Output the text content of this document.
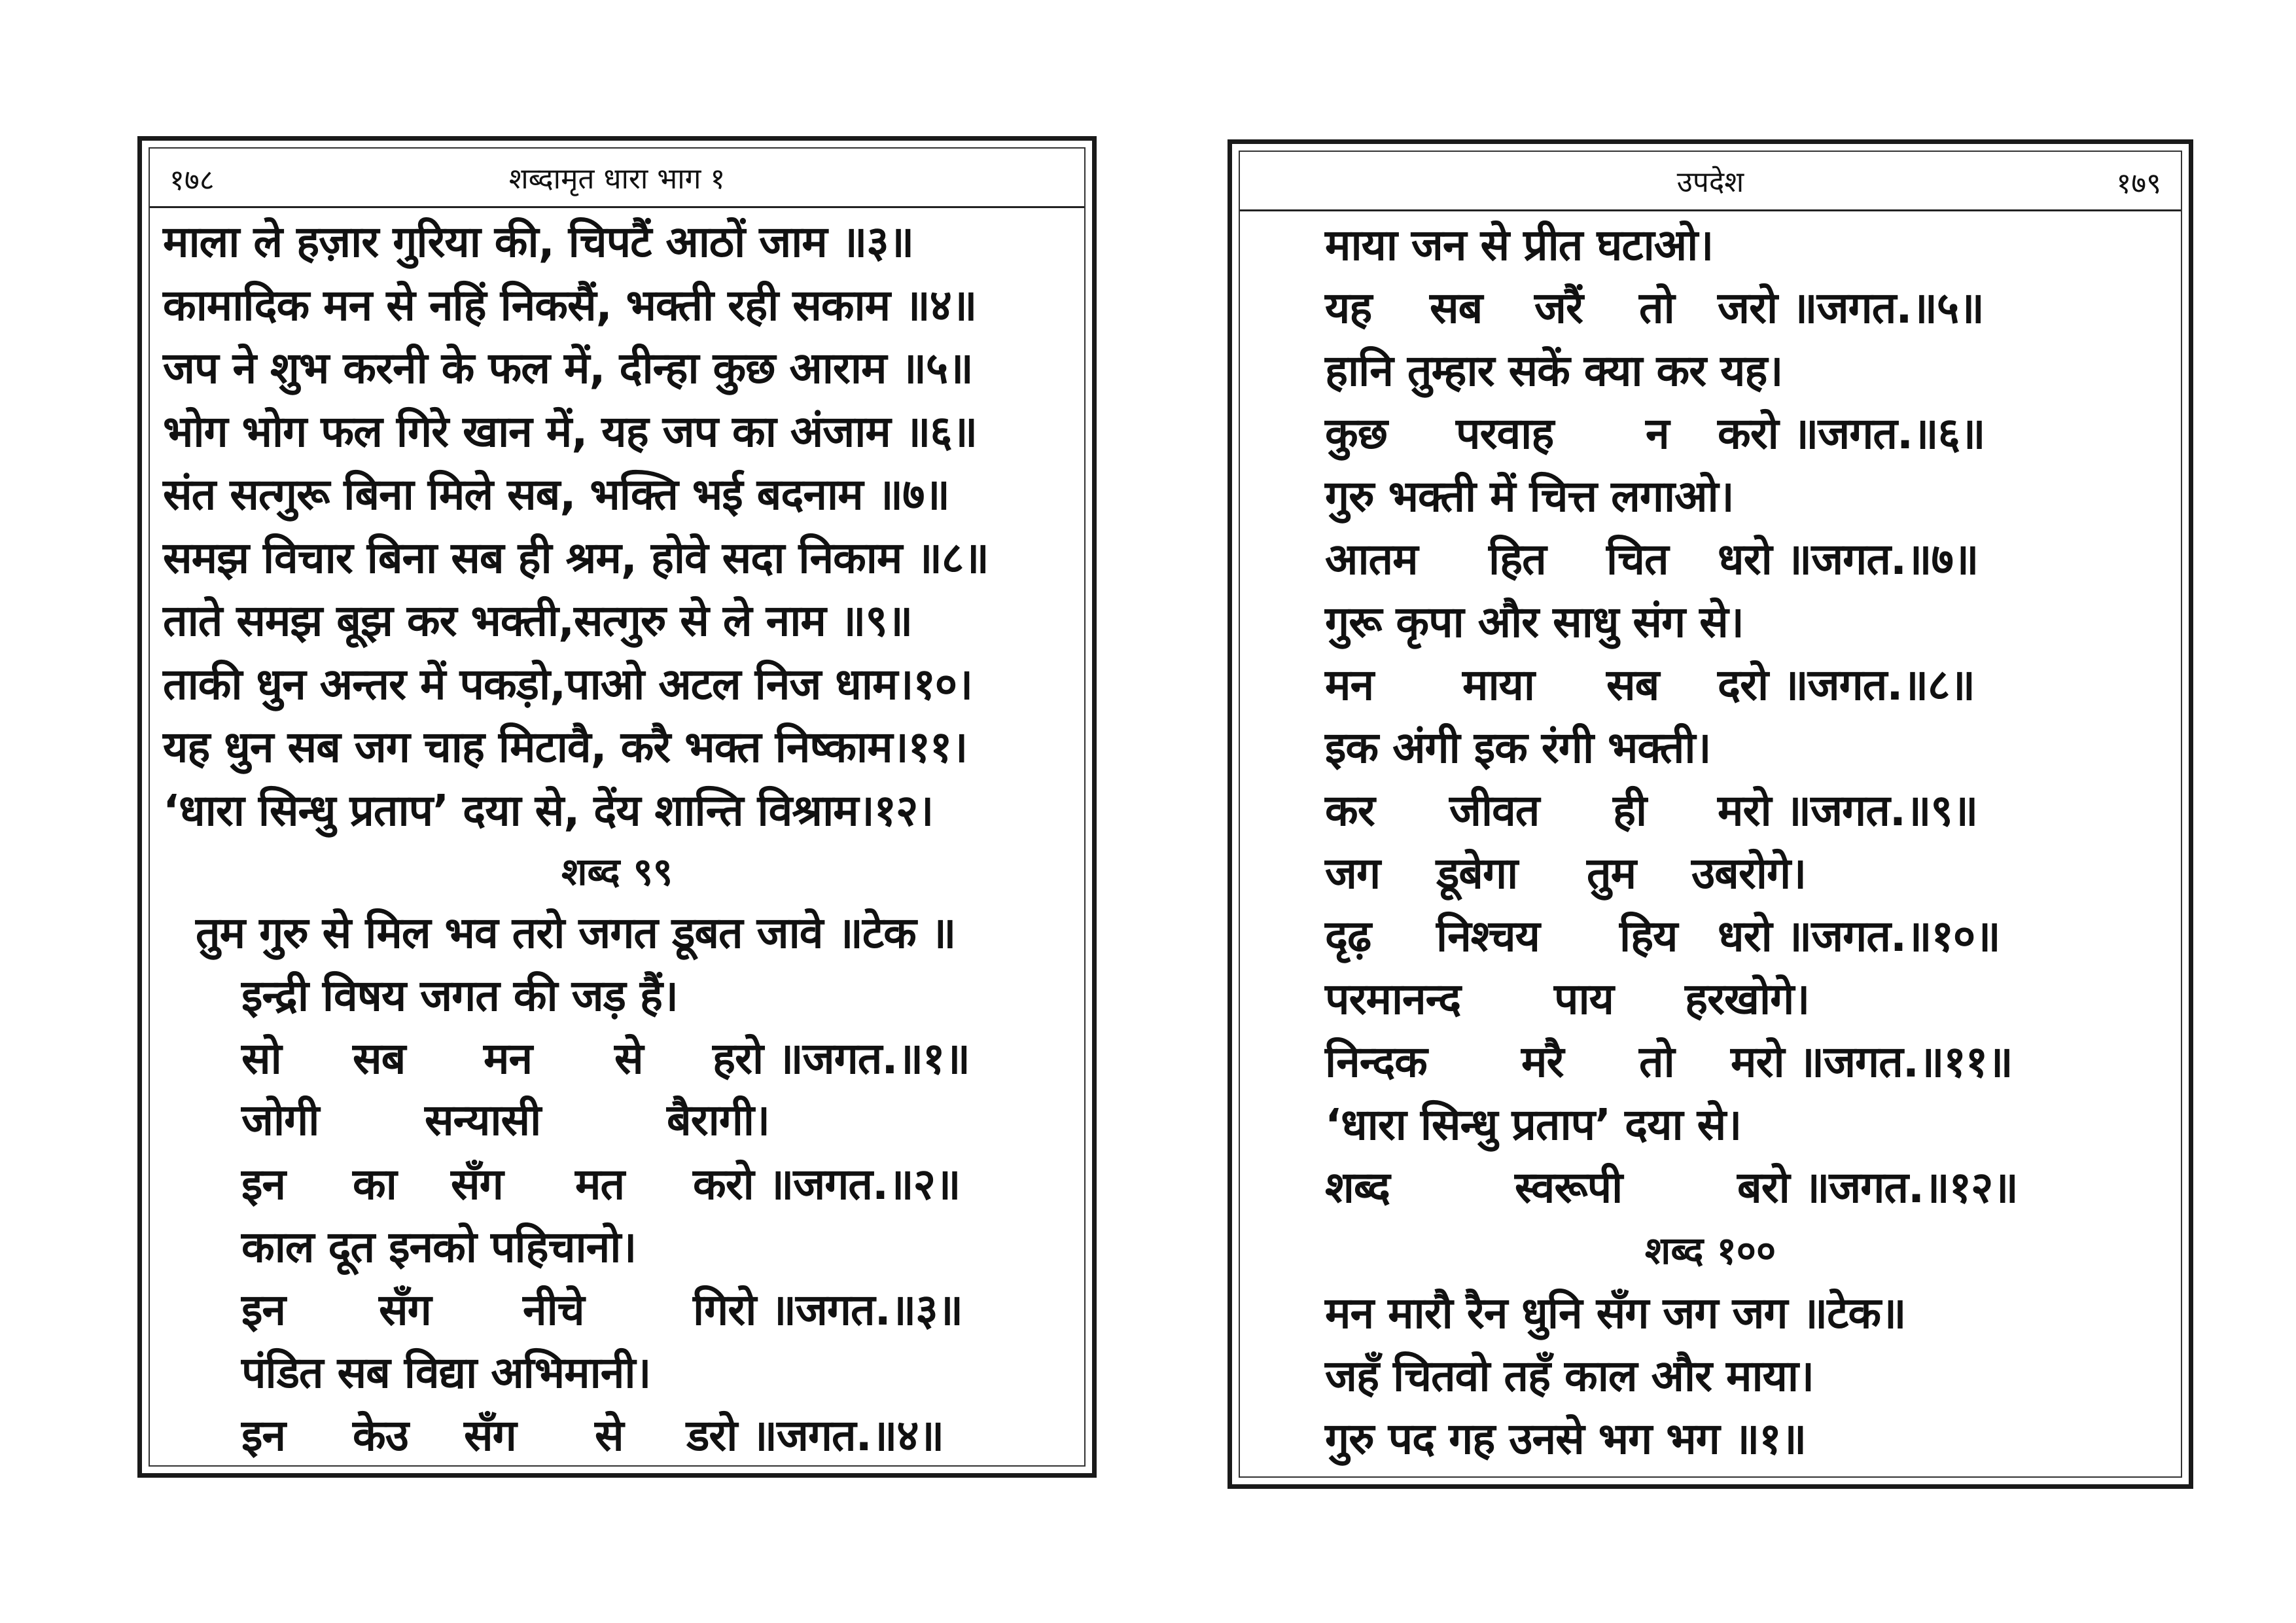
१७८	शब्दामृत धारा भाग १
माला ले हज़ार गुरिया की, चिपटैं आठों जाम ॥३॥
कामादिक मन से नहिं निकसैं, भक्ती रही सकाम ॥४॥
जप ने शुभ करनी के फल में, दीन्हा कुछ आराम ॥५॥
भोग भोग फल गिरे खान में, यह जप का अंजाम ॥६॥
संत सत्गुरू बिना मिले सब, भक्ति भई बदनाम ॥७॥
समझ विचार बिना सब ही श्रम, होवे सदा निकाम ॥८॥
ताते समझ बूझ कर भक्ती,सत्गुरु से ले नाम ॥९॥
ताकी धुन अन्तर में पकड़ो,पाओ अटल निज धाम।१०।
यह धुन सब जग चाह मिटावै, करै भक्त निष्काम।११।
‘धारा सिन्धु प्रताप’ दया से, देंय शान्ति विश्राम।१२।
शब्द ९९
तुम गुरु से मिल भव तरो जगत डूबत जावे ॥टेक ॥
इन्द्री विषय जगत की जड़ हैं।
सो सब मन से हरो ॥जगत.॥१॥
जोगी सन्यासी	बैरागी।
इन का सँग मत करो ॥जगत.॥२॥
काल दूत इनको पहिचानो।
इन सँग नीचे	गिरो ॥जगत.॥३॥
पंडित सब विद्या अभिमानी।
इन केउ सँग से डरो ॥जगत.॥४॥
उपदेश	१७९
माया जन से प्रीत घटाओ।
यह सब जरैं तो जरो ॥जगत.॥५॥
हानि तुम्हार सकें क्या कर यह।
कुछ परवाह न करो ॥जगत.॥६॥
गुरु भक्ती में चित्त लगाओ।
आतम हित चित धरो ॥जगत.॥७॥
गुरू कृपा और साधु संग से।
मन माया सब दरो ॥जगत.॥८॥
इक अंगी इक रंगी भक्ती।
कर जीवत ही मरो ॥जगत.॥९॥
जग डूबेगा तुम उबरोगे।
दृढ़ निश्चय हिय धरो ॥जगत.॥१०॥
परमानन्द पाय हरखोगे।
निन्दक मरै तो मरो ॥जगत.॥११॥
‘धारा सिन्धु प्रताप’ दया से।
शब्द	स्वरूपी	बरो ॥जगत.॥१२॥
शब्द १००
मन मारौ रैन धुनि सँग जग जग ॥टेक॥
जहँ चितवो तहँ काल और माया।
गुरु पद गह उनसे भग भग ॥१॥
